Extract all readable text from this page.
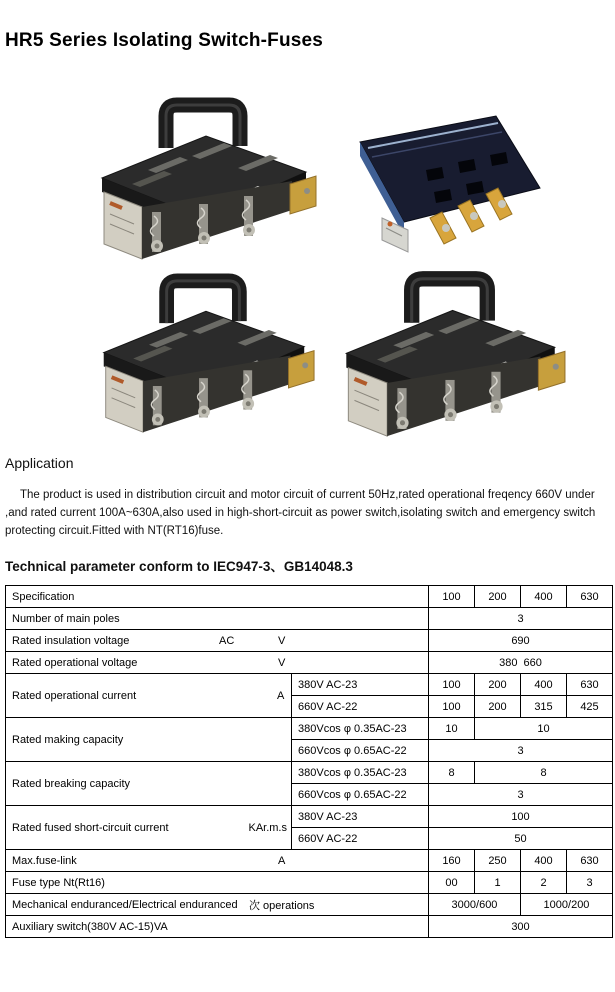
HR5 Series Isolating Switch-Fuses
Application

The product is used in distribution circuit and motor circuit of current 50Hz,rated operational freqency 660V under ,and rated current 100A~630A,also used in high-short-circuit as power switch,isolating switch and emergency switch protecting circuit.Fitted with NT(RT16)fuse.

Technical parameter conform to IEC947-3、GB14048.3
Specification		100	200	400	630
Number of main poles		3			
Rated insulation voltage AC V		690			
Rated operational voltage V		380  660			
Rated operational current A	380V AC-23	100	200	400	630
	660V AC-22	100	200	315	425
Rated making capacity	380Vcos φ 0.35AC-23	10	10		
	660Vcos φ 0.65AC-22	3			
Rated breaking capacity	380Vcos φ 0.35AC-23	8	8		
	660Vcos φ 0.65AC-22	3			
Rated fused short-circuit current KAr.m.s	380V AC-23	100			
	660V AC-22	50			
Max.fuse-link A		160	250	400	630
Fuse type Nt(Rt16)		00	1	2	3
Mechanical enduranced/Electrical enduranced 次 operations		3000/600		1000/200	
Auxiliary switch(380V AC-15)VA		300			
